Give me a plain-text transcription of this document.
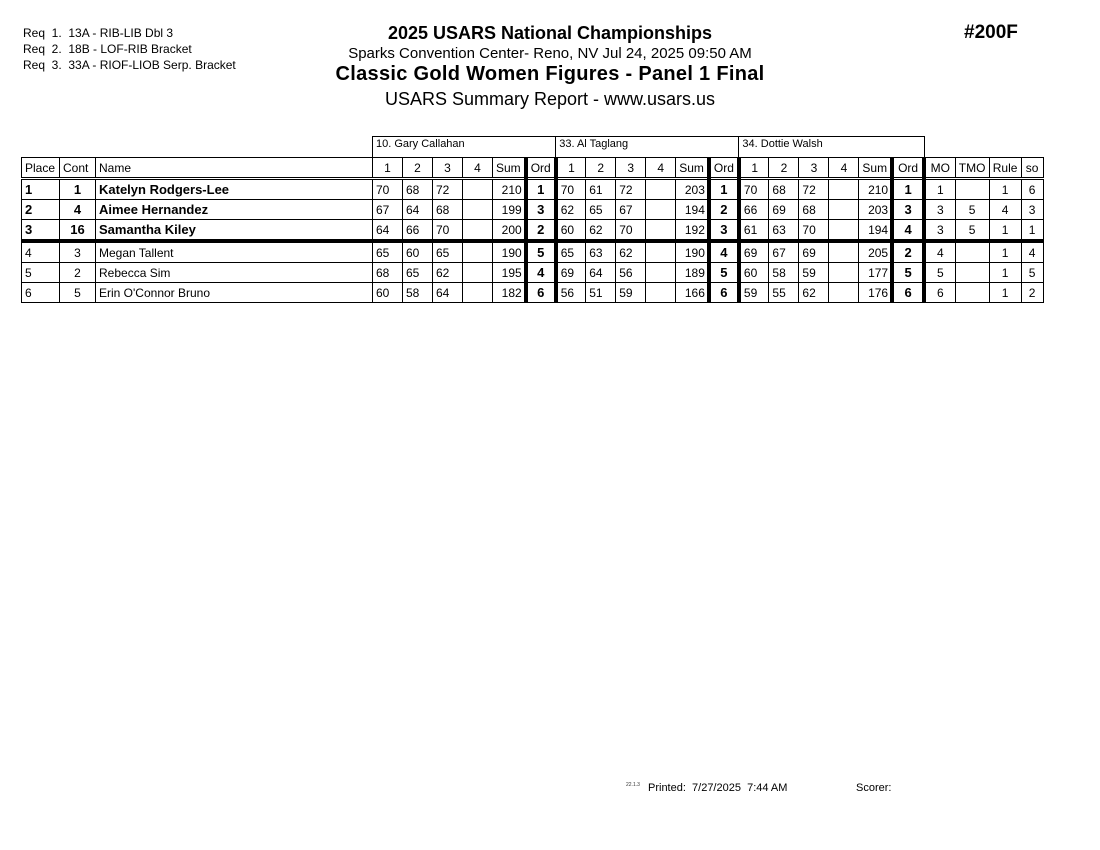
Req  1.  13A - RIB-LIB Dbl 3
Req  2.  18B - LOF-RIB Bracket
Req  3.  33A - RIOF-LIOB Serp. Bracket
#200F
2025 USARS National Championships
Sparks Convention Center- Reno, NV Jul 24, 2025 09:50 AM
Classic Gold Women Figures - Panel 1 Final
USARS Summary Report - www.usars.us
			10. Gary Callahan						33. Al Taglang						34. Dottie Walsh									
Place	Cont	Name	1	2	3	4	Sum	Ord	1	2	3	4	Sum	Ord	1	2	3	4	Sum	Ord	MO	TMO	Rule	so
1	1	Katelyn Rodgers-Lee	70	68	72		210	1	70	61	72		203	1	70	68	72		210	1	1		1	6
2	4	Aimee Hernandez	67	64	68		199	3	62	65	67		194	2	66	69	68		203	3	3	5	4	3
3	16	Samantha Kiley	64	66	70		200	2	60	62	70		192	3	61	63	70		194	4	3	5	1	1
4	3	Megan Tallent	65	60	65		190	5	65	63	62		190	4	69	67	69		205	2	4		1	4
5	2	Rebecca Sim	68	65	62		195	4	69	64	56		189	5	60	58	59		177	5	5		1	5
6	5	Erin O'Connor Bruno	60	58	64		182	6	56	51	59		166	6	59	55	62		176	6	6		1	2
22.1.3 Printed:  7/27/2025  7:44 AM	Scorer:
